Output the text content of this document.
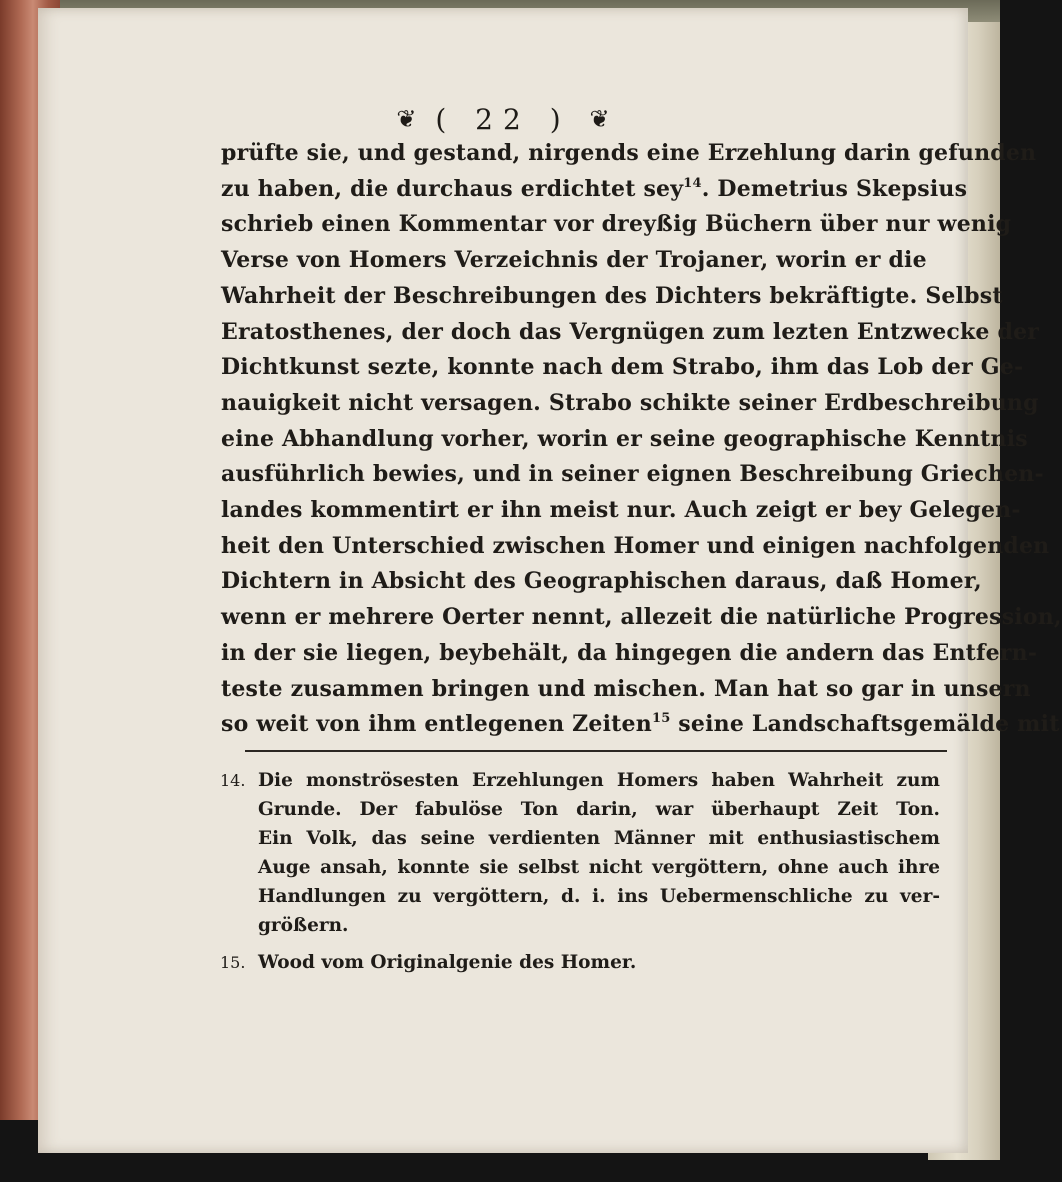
❦ ( 22 ) ❦
prüfte sie, und gestand, nirgends eine Erzehlung darin gefunden
zu haben, die durchaus erdichtet sey$^{14}$. Demetrius Skepsius
schrieb einen Kommentar vor dreyßig Büchern über nur wenig
Verse von Homers Verzeichnis der Trojaner, worin er die
Wahrheit der Beschreibungen des Dichters bekräftigte. Selbst
Eratosthenes, der doch das Vergnügen zum lezten Entzwecke der
Dichtkunst sezte, konnte nach dem Strabo, ihm das Lob der Ge-
nauigkeit nicht versagen. Strabo schikte seiner Erdbeschreibung
eine Abhandlung vorher, worin er seine geographische Kenntnis
ausführlich bewies, und in seiner eignen Beschreibung Griechen-
landes kommentirt er ihn meist nur. Auch zeigt er bey Gelegen-
heit den Unterschied zwischen Homer und einigen nachfolgenden
Dichtern in Absicht des Geographischen daraus, daß Homer,
wenn er mehrere Oerter nennt, allezeit die natürliche Progression,
in der sie liegen, beybehält, da hingegen die andern das Entfern-
teste zusammen bringen und mischen. Man hat so gar in unsern
so weit von ihm entlegenen Zeiten$^{15}$ seine Landschaftsgemälde mit
14. Die monströsesten Erzehlungen Homers haben Wahrheit zum
Grunde. Der fabulöse Ton darin, war überhaupt Zeit Ton.
Ein Volk, das seine verdienten Männer mit enthusiastischem
Auge ansah, konnte sie selbst nicht vergöttern, ohne auch ihre
Handlungen zu vergöttern, d. i. ins Uebermenschliche zu ver-
größern.
15. Wood vom Originalgenie des Homer.
